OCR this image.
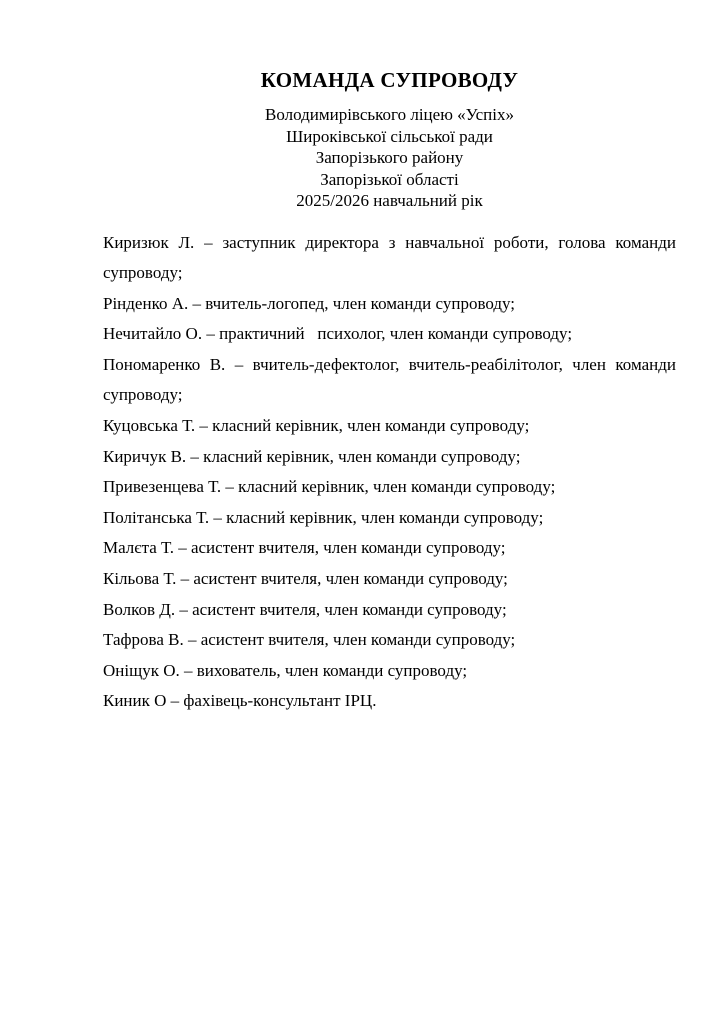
КОМАНДА СУПРОВОДУ
Володимирівського ліцею «Успіх»
Широківської сільської ради
Запорізького району
Запорізької області
2025/2026 навчальний рік

Киризюк Л. – заступник директора з навчальної роботи, голова команди супроводу;

Рінденко А. – вчитель-логопед, член команди супроводу;

Нечитайло О. – практичний   психолог, член команди супроводу;

Пономаренко В. – вчитель-дефектолог, вчитель-реабілітолог, член команди супроводу;

Куцовська Т. – класний керівник, член команди супроводу;

Киричук В. – класний керівник, член команди супроводу;

Привезенцева Т. – класний керівник, член команди супроводу;

Політанська Т. – класний керівник, член команди супроводу;

Малєта Т. – асистент вчителя, член команди супроводу;

Кільова Т. – асистент вчителя, член команди супроводу;

Волков Д. – асистент вчителя, член команди супроводу;

Тафрова В. – асистент вчителя, член команди супроводу;

Оніщук О. – вихователь, член команди супроводу;

Киник О – фахівець-консультант ІРЦ.
